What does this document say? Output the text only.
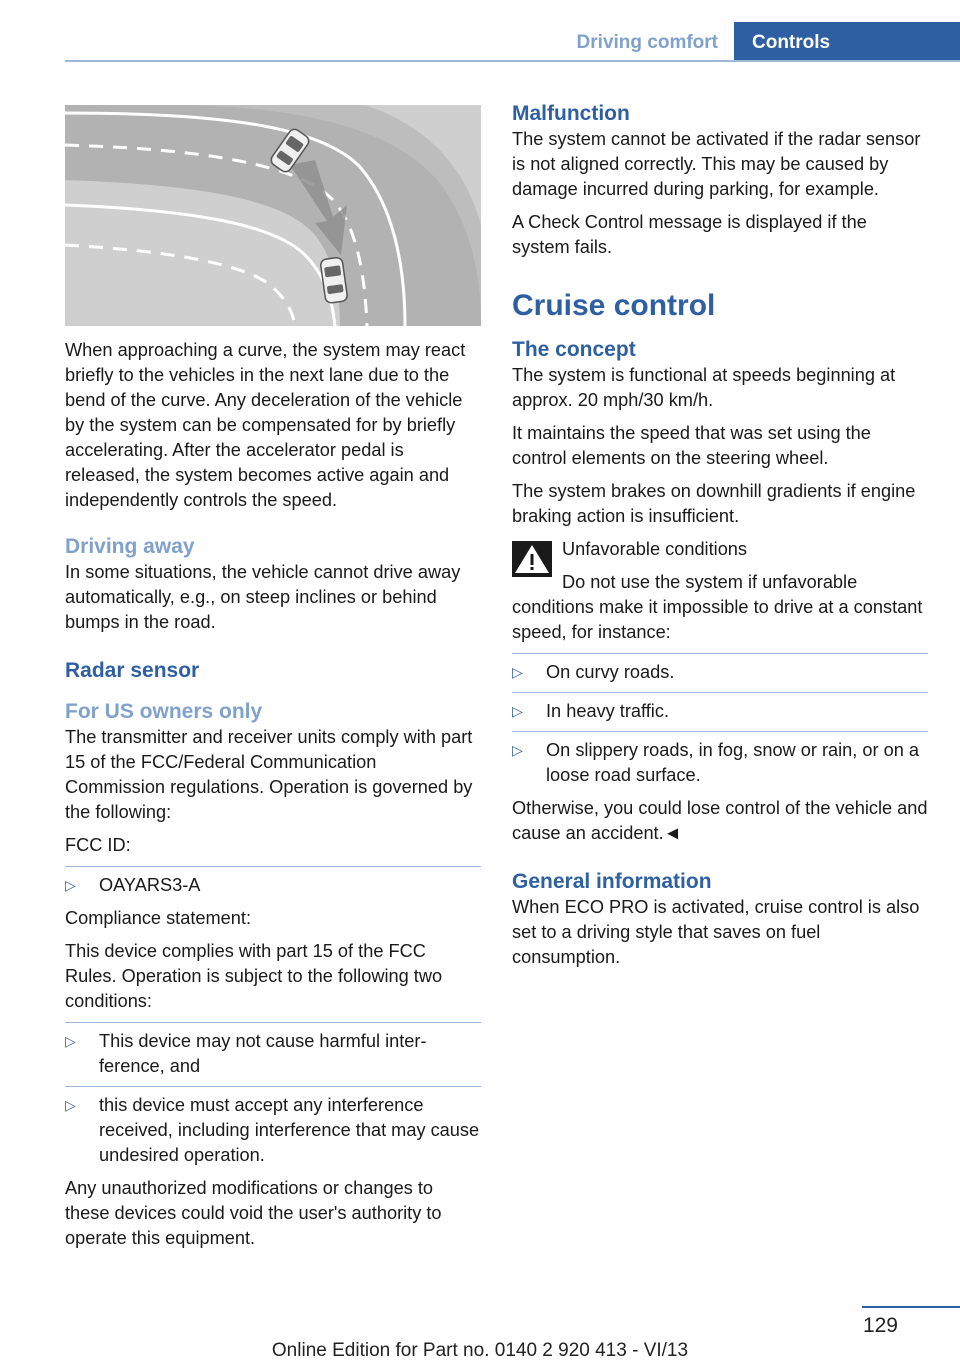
Driving comfort	Controls

When approaching a curve, the system may react briefly to the vehicles in the next lane due to the bend of the curve. Any deceleration of the vehicle by the system can be compensated for by briefly accelerating. After the accelerator pedal is released, the system becomes active again and independently controls the speed.

Driving away

In some situations, the vehicle cannot drive away automatically, e.g., on steep inclines or behind bumps in the road.

Radar sensor
For US owners only

The transmitter and receiver units comply with part 15 of the FCC/Federal Communication Commission regulations. Operation is governed by the following:

FCC ID:

▷ OAYARS3-A

Compliance statement:

This device complies with part 15 of the FCC Rules. Operation is subject to the following two conditions:

▷ This device may not cause harmful interference, and
▷ this device must accept any interference received, including interference that may cause undesired operation.

Any unauthorized modifications or changes to these devices could void the user's authority to operate this equipment.

Malfunction

The system cannot be activated if the radar sensor is not aligned correctly. This may be caused by damage incurred during parking, for example.

A Check Control message is displayed if the system fails.

Cruise control
The concept

The system is functional at speeds beginning at approx. 20 mph/30 km/h.

It maintains the speed that was set using the control elements on the steering wheel.

The system brakes on downhill gradients if engine braking action is insufficient.

Unfavorable conditions

Do not use the system if unfavorable conditions make it impossible to drive at a constant speed, for instance:

▷ On curvy roads.
▷ In heavy traffic.
▷ On slippery roads, in fog, snow or rain, or on a loose road surface.

Otherwise, you could lose control of the vehicle and cause an accident.◄

General information

When ECO PRO is activated, cruise control is also set to a driving style that saves on fuel consumption.

129
Online Edition for Part no. 0140 2 920 413 - VI/13
